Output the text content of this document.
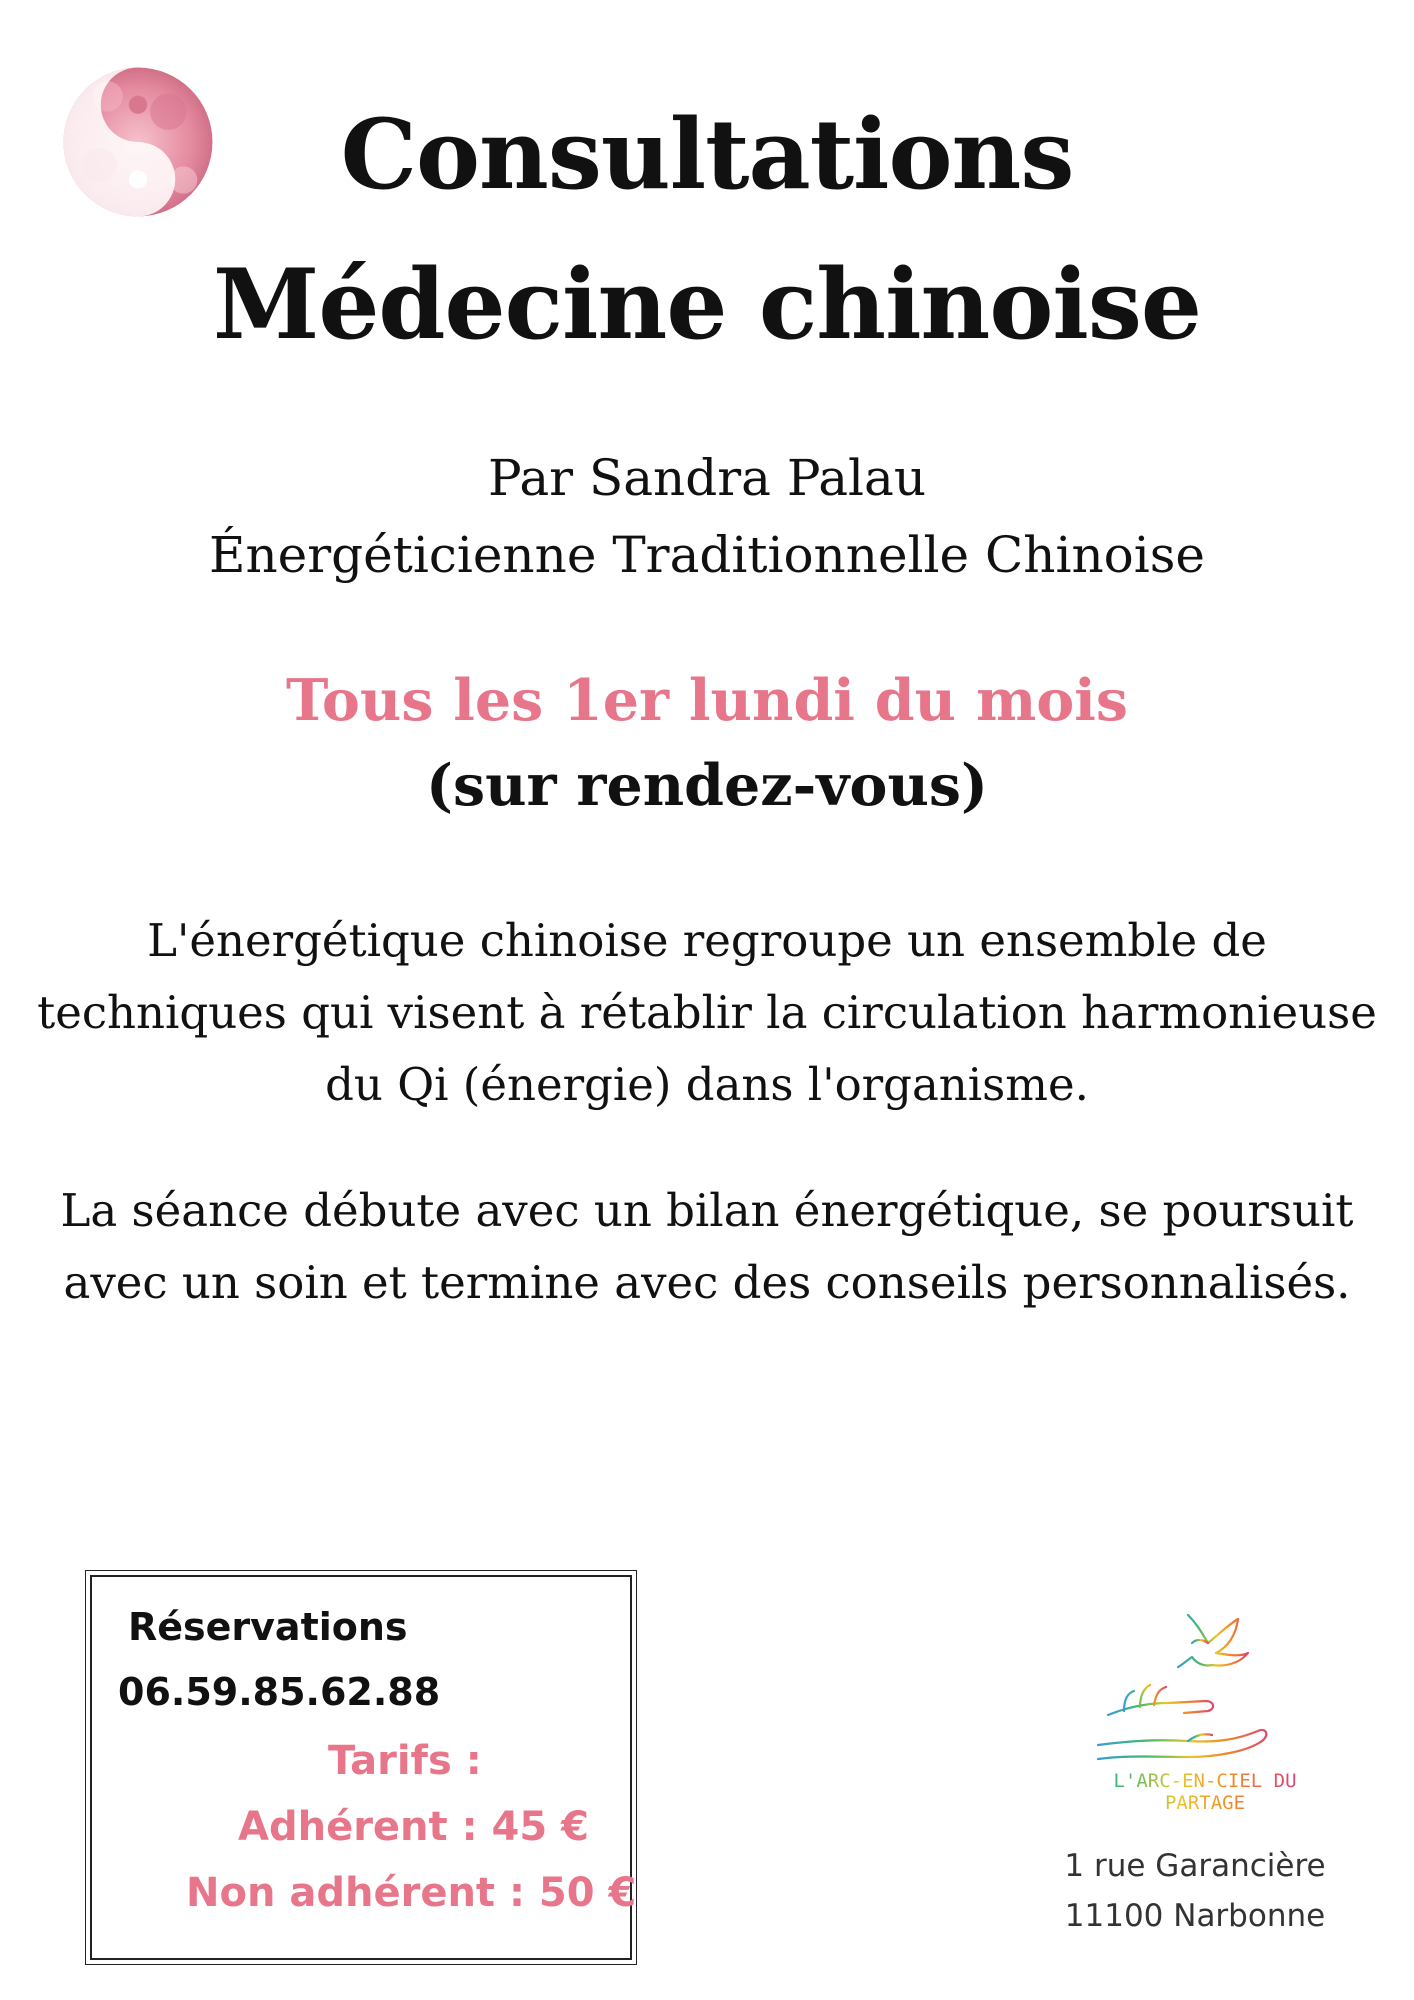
Consultations
Médecine chinoise
Par Sandra Palau
Énergéticienne Traditionnelle Chinoise
Tous les 1er lundi du mois
(sur rendez-vous)
L'énergétique chinoise regroupe un ensemble de techniques qui visent à rétablir la circulation harmonieuse du Qi (énergie) dans l'organisme.
La séance débute avec un bilan énergétique, se poursuit avec un soin et termine avec des conseils personnalisés.
Réservations
06.59.85.62.88
Tarifs :
Adhérent : 45 €
Non adhérent : 50 €
L'ARC-EN-CIEL DU PARTAGE
1 rue Garancière
11100 Narbonne
